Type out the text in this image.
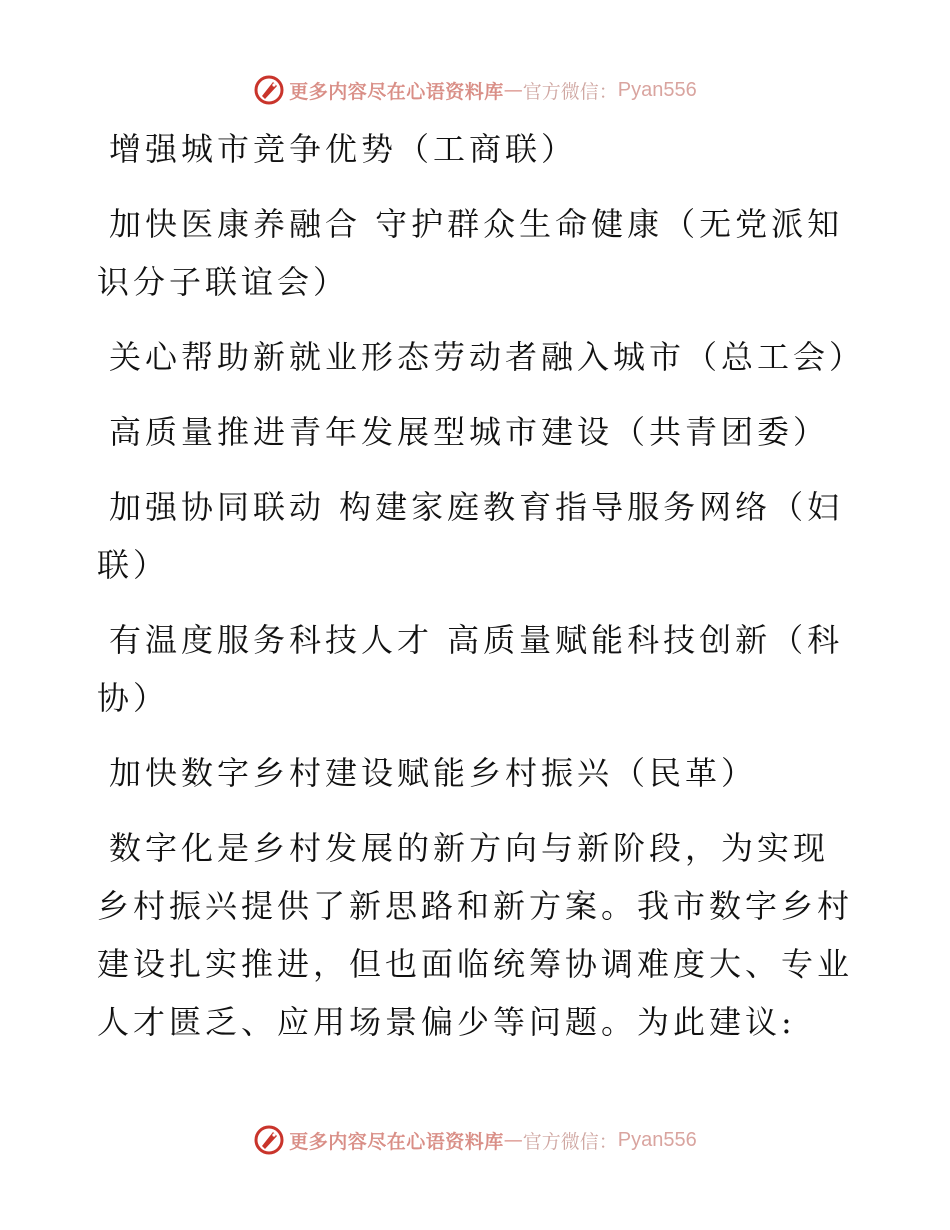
更多内容尽在心语资料库 — 官方微信： Pyan556

增强城市竞争优势（工商联）

加快医康养融合 守护群众生命健康（无党派知识分子联谊会）

关心帮助新就业形态劳动者融入城市（总工会）

高质量推进青年发展型城市建设（共青团委）

加强协同联动 构建家庭教育指导服务网络（妇联）

有温度服务科技人才 高质量赋能科技创新（科协）

加快数字乡村建设赋能乡村振兴（民革）

数字化是乡村发展的新方向与新阶段，为实现乡村振兴提供了新思路和新方案。我市数字乡村建设扎实推进，但也面临统筹协调难度大、专业人才匮乏、应用场景偏少等问题。为此建议:

更多内容尽在心语资料库 — 官方微信： Pyan556
